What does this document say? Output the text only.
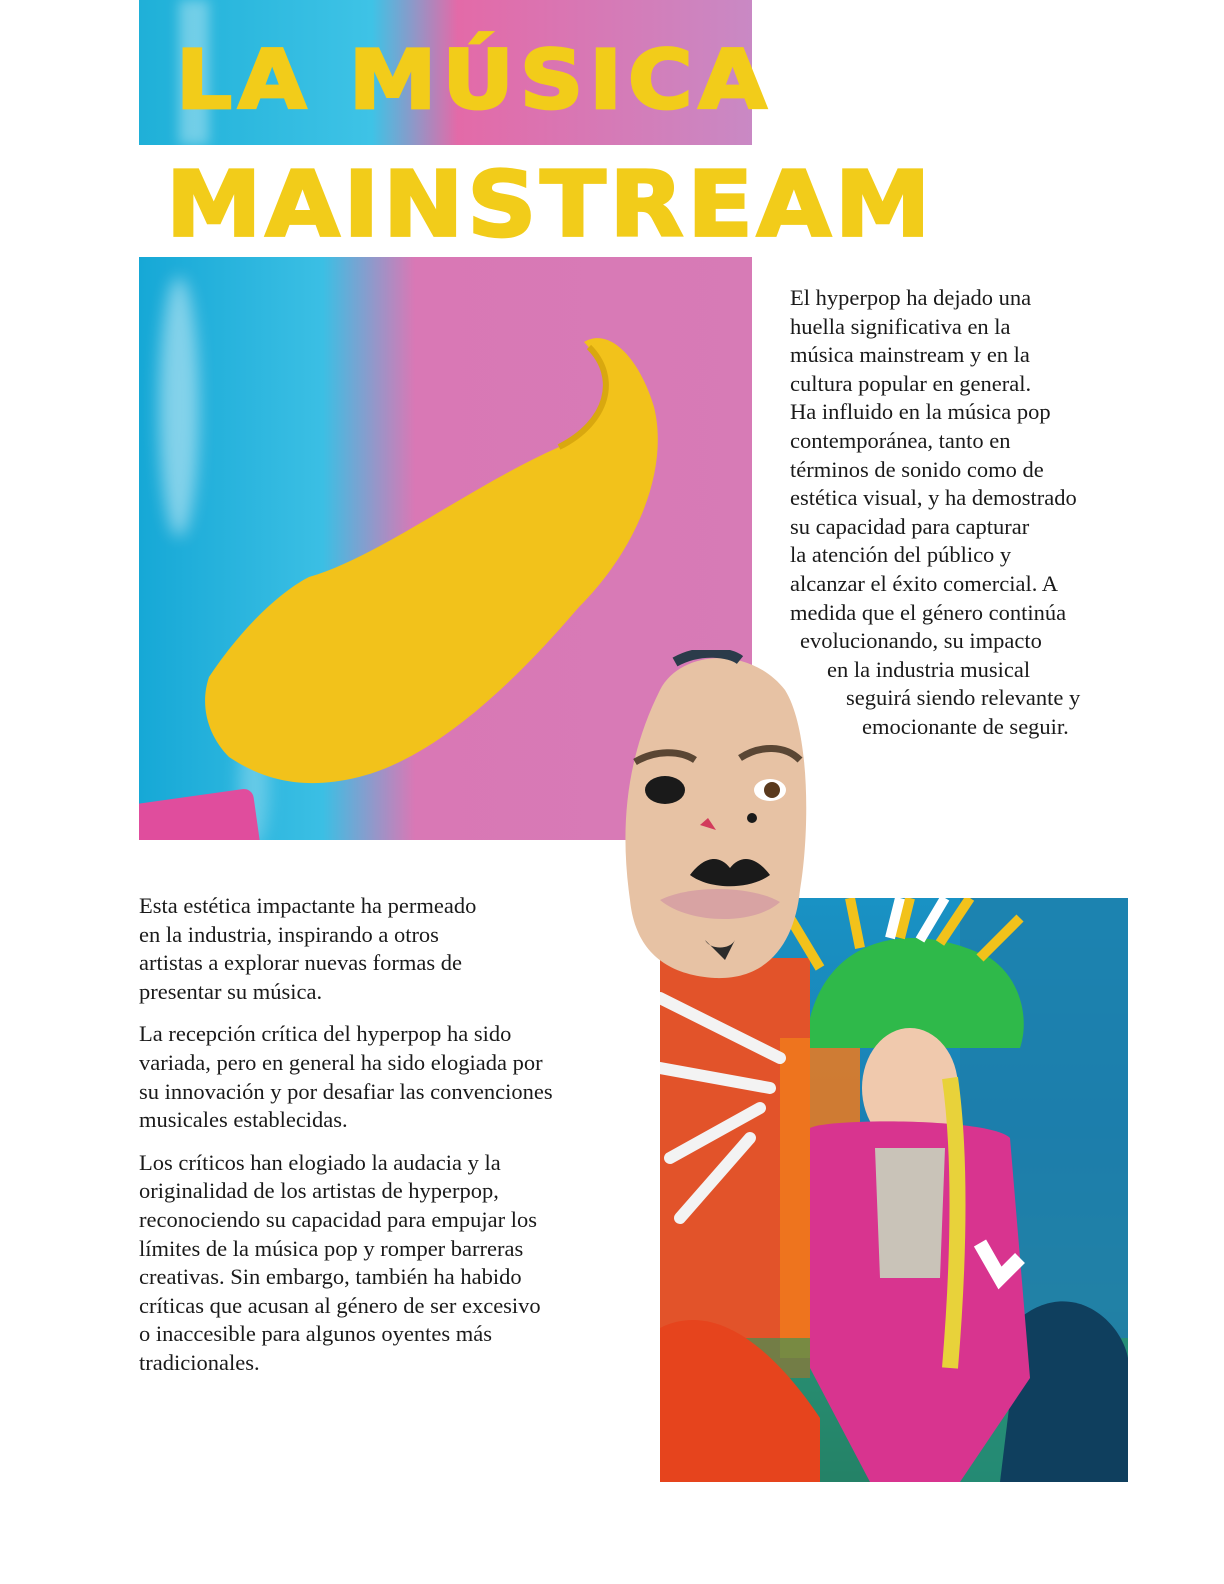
LA MÚSICA
MAINSTREAM
El hyperpop ha dejado una
huella significativa en la
música mainstream y en la
cultura popular en general.
Ha influido en la música pop
contemporánea, tanto en
términos de sonido como de
estética visual, y ha demostrado
su capacidad para capturar
la atención del público y
alcanzar el éxito comercial. A
medida que el género continúa
evolucionando, su impacto
en la industria musical
seguirá siendo relevante y
emocionante de seguir.

Esta estética impactante ha permeado
en la industria, inspirando a otros
artistas a explorar nuevas formas de
presentar su música.

La recepción crítica del hyperpop ha sido
variada, pero en general ha sido elogiada por
su innovación y por desafiar las convenciones
musicales establecidas.

Los críticos han elogiado la audacia y la
originalidad de los artistas de hyperpop,
reconociendo su capacidad para empujar los
límites de la música pop y romper barreras
creativas. Sin embargo, también ha habido
críticas que acusan al género de ser excesivo
o inaccesible para algunos oyentes más
tradicionales.
